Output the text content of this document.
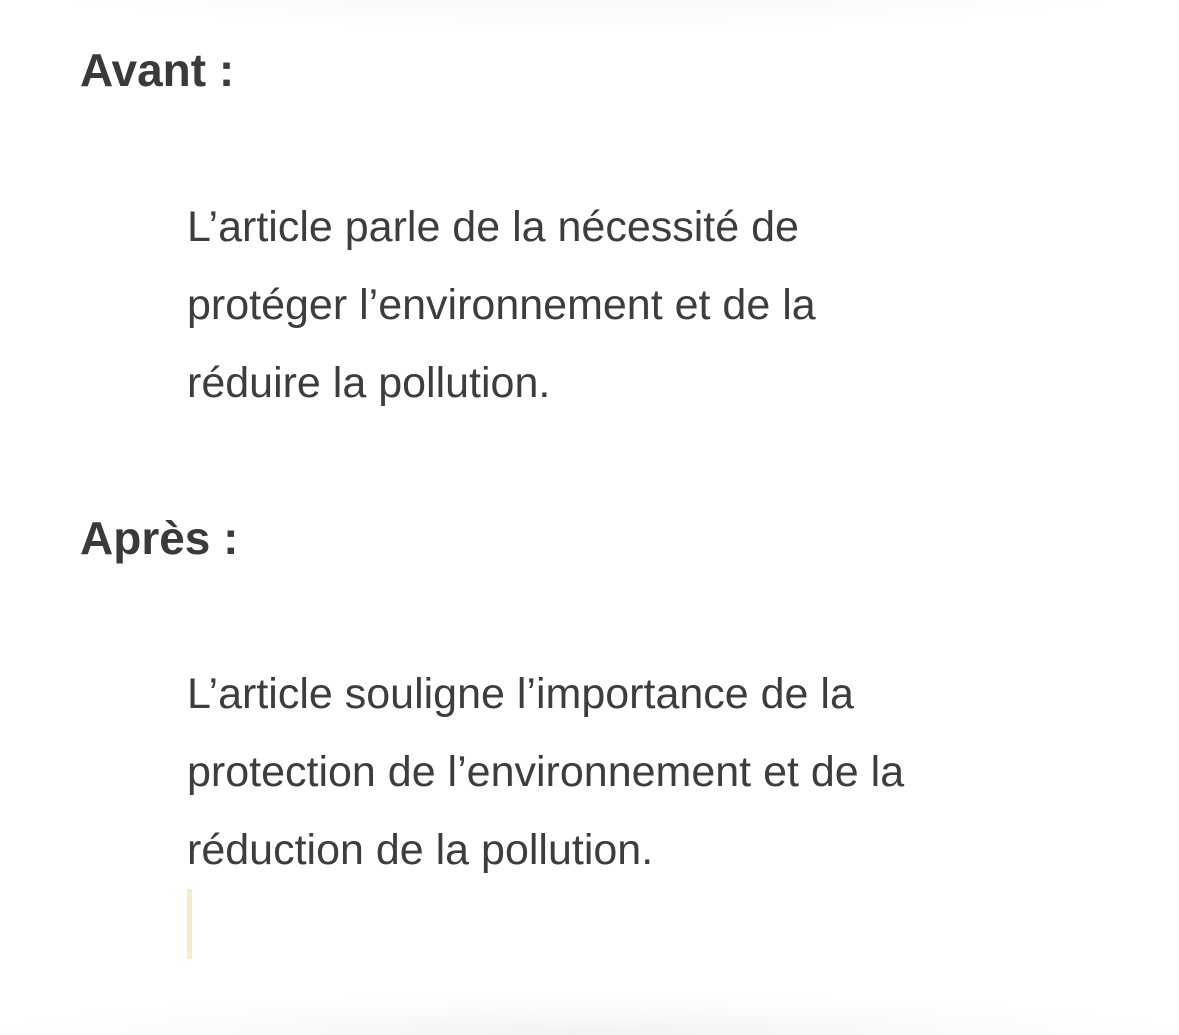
Avant :

L’article parle de la nécessité de
protéger l’environnement et de la
réduire la pollution.

Après :

L’article souligne l’importance de la
protection de l’environnement et de la
réduction de la pollution.
